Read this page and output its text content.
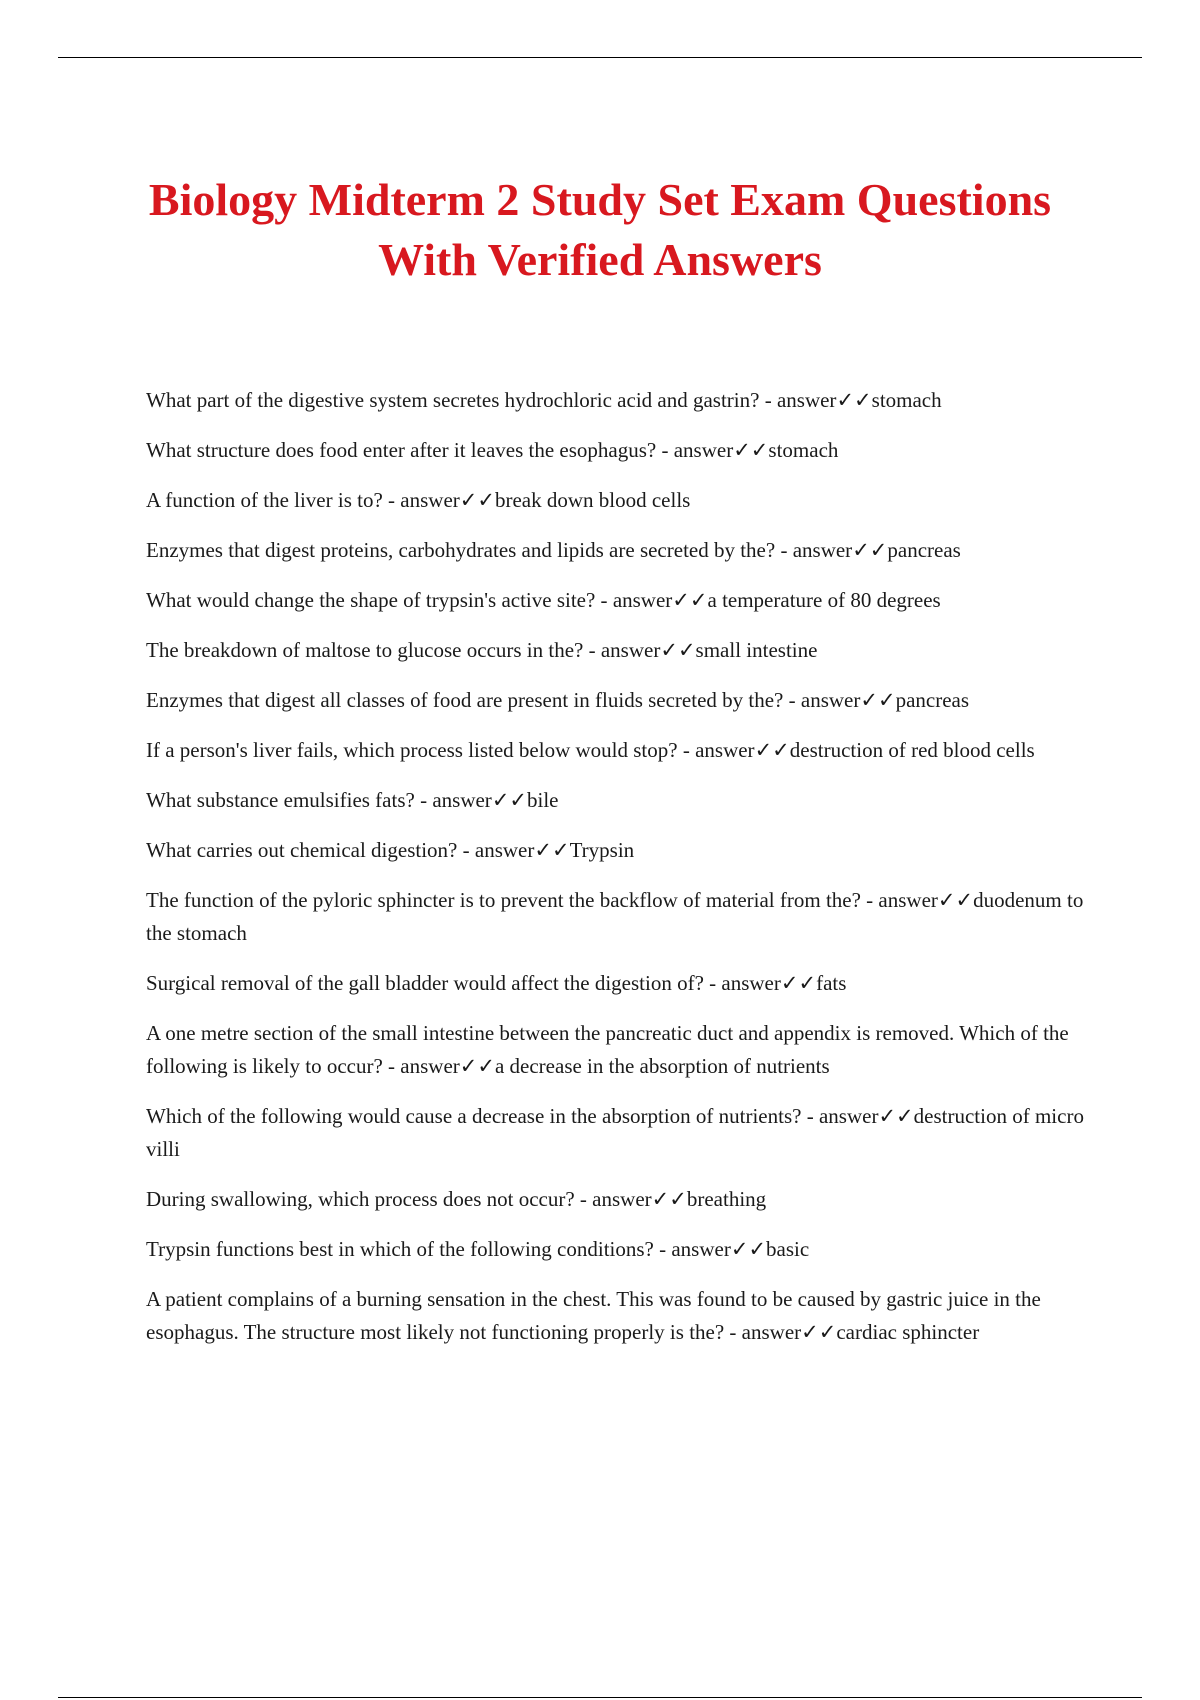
Biology Midterm 2 Study Set Exam Questions With Verified Answers
What part of the digestive system secretes hydrochloric acid and gastrin? - answer✓✓stomach
What structure does food enter after it leaves the esophagus? - answer✓✓stomach
A function of the liver is to? - answer✓✓break down blood cells
Enzymes that digest proteins, carbohydrates and lipids are secreted by the? - answer✓✓pancreas
What would change the shape of trypsin's active site? - answer✓✓a temperature of 80 degrees
The breakdown of maltose to glucose occurs in the? - answer✓✓small intestine
Enzymes that digest all classes of food are present in fluids secreted by the? - answer✓✓pancreas
If a person's liver fails, which process listed below would stop? - answer✓✓destruction of red blood cells
What substance emulsifies fats? - answer✓✓bile
What carries out chemical digestion? - answer✓✓Trypsin
The function of the pyloric sphincter is to prevent the backflow of material from the? - answer✓✓duodenum to the stomach
Surgical removal of the gall bladder would affect the digestion of? - answer✓✓fats
A one metre section of the small intestine between the pancreatic duct and appendix is removed. Which of the following is likely to occur? - answer✓✓a decrease in the absorption of nutrients
Which of the following would cause a decrease in the absorption of nutrients? - answer✓✓destruction of micro villi
During swallowing, which process does not occur? - answer✓✓breathing
Trypsin functions best in which of the following conditions? - answer✓✓basic
A patient complains of a burning sensation in the chest. This was found to be caused by gastric juice in the esophagus. The structure most likely not functioning properly is the? - answer✓✓cardiac sphincter
